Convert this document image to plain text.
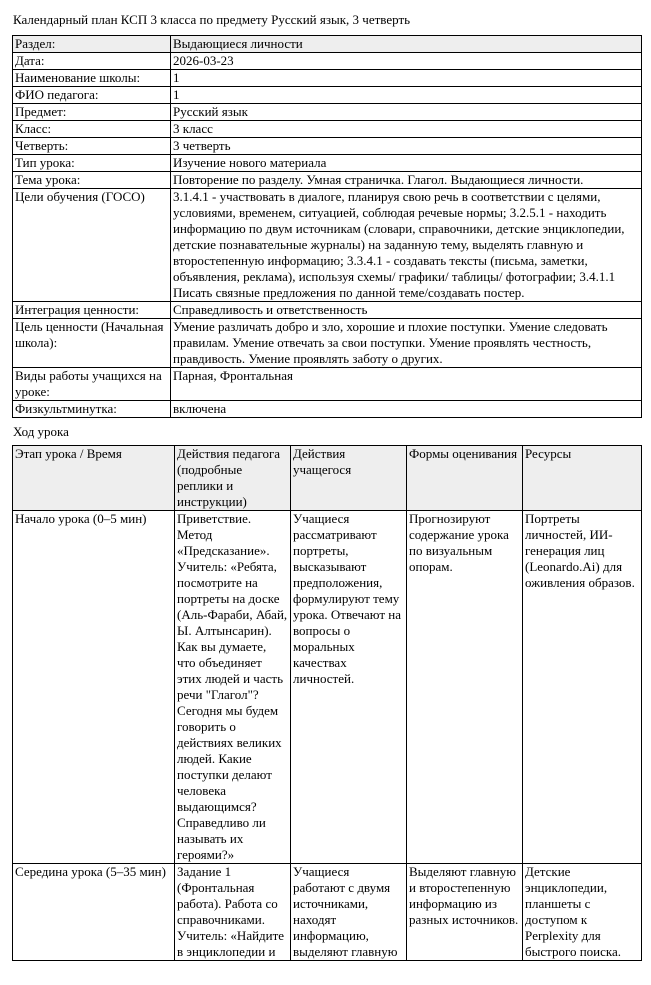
Календарный план КСП 3 класса по предмету Русский язык, 3 четверть
Раздел:	Выдающиеся личности
Дата:	2026-03-23
Наименование школы:	1
ФИО педагога:	1
Предмет:	Русский язык
Класс:	3 класс
Четверть:	3 четверть
Тип урока:	Изучение нового материала
Тема урока:	Повторение по разделу. Умная страничка. Глагол. Выдающиеся личности.
Цели обучения (ГОСО)	3.1.4.1 - участвовать в диалоге, планируя свою речь в соответствии с целями, условиями, временем, ситуацией, соблюдая речевые нормы; 3.2.5.1 - находить информацию по двум источникам (словари, справочники, детские энциклопедии, детские познавательные журналы) на заданную тему, выделять главную и второстепенную информацию; 3.3.4.1 - создавать тексты (письма, заметки, объявления, реклама), используя схемы/ графики/ таблицы/ фотографии; 3.4.1.1 Писать связные предложения по данной теме/создавать постер.
Интеграция ценности:	Справедливость и ответственность
Цель ценности (Начальная школа):	Умение различать добро и зло, хорошие и плохие поступки. Умение следовать правилам. Умение отвечать за свои поступки. Умение проявлять честность, правдивость. Умение проявлять заботу о других.
Виды работы учащихся на уроке:	Парная, Фронтальная
Физкультминутка:	включена
Ход урока
Этап урока / Время	Действия педагога (подробные реплики и инструкции)	Действия учащегося	Формы оценивания	Ресурсы
Начало урока (0–5 мин)	Приветствие. Метод «Предсказание». Учитель: «Ребята, посмотрите на портреты на доске (Аль-Фараби, Абай, Ы. Алтынсарин). Как вы думаете, что объединяет этих людей и часть речи "Глагол"? Сегодня мы будем говорить о действиях великих людей. Какие поступки делают человека выдающимся? Справедливо ли называть их героями?»	Учащиеся рассматривают портреты, высказывают предположения, формулируют тему урока. Отвечают на вопросы о моральных качествах личностей.	Прогнозируют содержание урока по визуальным опорам.	Портреты личностей, ИИ-генерация лиц (Leonardo.Ai) для оживления образов.
Середина урока (5–35 мин)	Задание 1 (Фронтальная работа). Работа со справочниками. Учитель: «Найдите в энциклопедии и	Учащиеся работают с двумя источниками, находят информацию, выделяют главную	Выделяют главную и второстепенную информацию из разных источников.	Детские энциклопедии, планшеты с доступом к Perplexity для быстрого поиска.
